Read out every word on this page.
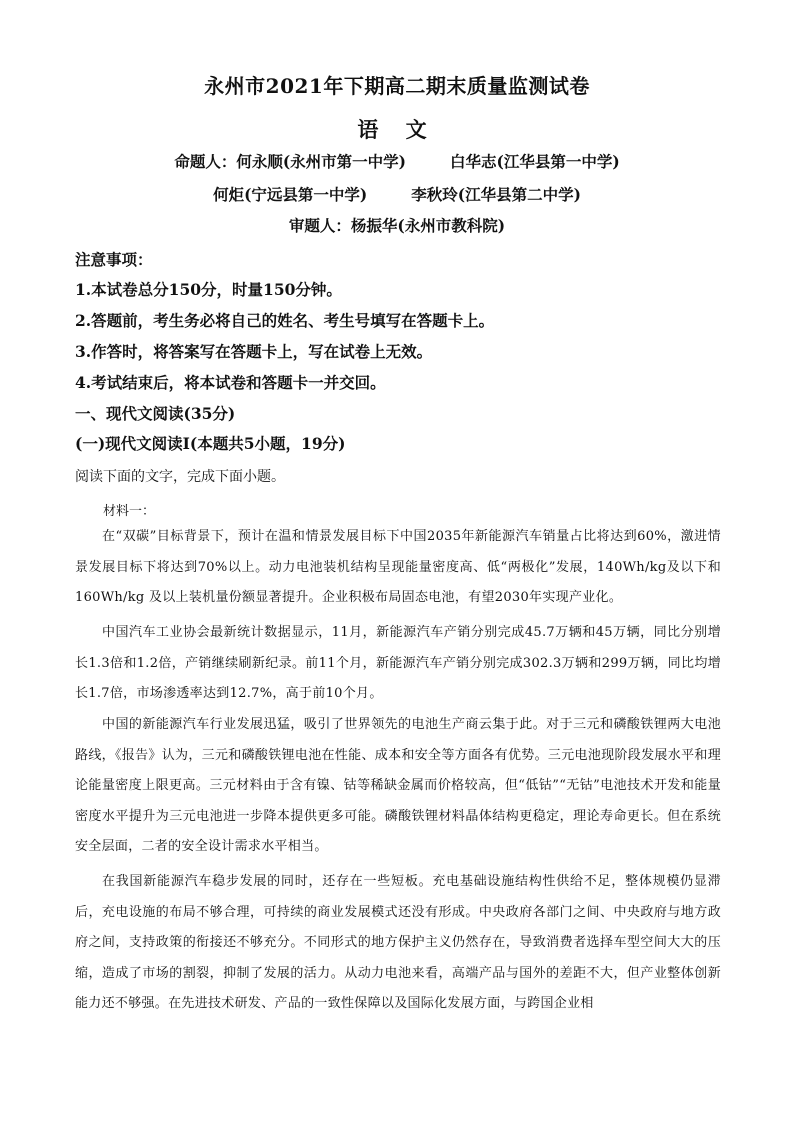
永州市2021年下期高二期末质量监测试卷
语 文
命题人：何永顺(永州市第一中学)	白华志(江华县第一中学)
何炬(宁远县第一中学)	李秋玲(江华县第二中学)
审题人：杨振华(永州市教科院)
注意事项：
1.本试卷总分150分，时量150分钟。
2.答题前，考生务必将自己的姓名、考生号填写在答题卡上。
3.作答时，将答案写在答题卡上，写在试卷上无效。
4.考试结束后，将本试卷和答题卡一并交回。
一、现代文阅读(35分)
(一)现代文阅读Ⅰ(本题共5小题，19分)
阅读下面的文字，完成下面小题。
材料一：
在“双碳”目标背景下，预计在温和情景发展目标下中国2035年新能源汽车销量占比将达到60%，激进情景发展目标下将达到70%以上。动力电池装机结构呈现能量密度高、低“两极化”发展，140Wh/kg及以下和160Wh/kg 及以上装机量份额显著提升。企业积极布局固态电池，有望2030年实现产业化。
中国汽车工业协会最新统计数据显示，11月，新能源汽车产销分别完成45.7万辆和45万辆，同比分别增长1.3倍和1.2倍，产销继续刷新纪录。前11个月，新能源汽车产销分别完成302.3万辆和299万辆，同比均增长1.7倍，市场渗透率达到12.7%，高于前10个月。
中国的新能源汽车行业发展迅猛，吸引了世界领先的电池生产商云集于此。对于三元和磷酸铁锂两大电池路线，《报告》认为，三元和磷酸铁锂电池在性能、成本和安全等方面各有优势。三元电池现阶段发展水平和理论能量密度上限更高。三元材料由于含有镍、钴等稀缺金属而价格较高，但“低钴”“无钴”电池技术开发和能量密度水平提升为三元电池进一步降本提供更多可能。磷酸铁锂材料晶体结构更稳定，理论寿命更长。但在系统安全层面，二者的安全设计需求水平相当。
在我国新能源汽车稳步发展的同时，还存在一些短板。充电基础设施结构性供给不足，整体规模仍显滞后，充电设施的布局不够合理，可持续的商业发展模式还没有形成。中央政府各部门之间、中央政府与地方政府之间，支持政策的衔接还不够充分。不同形式的地方保护主义仍然存在，导致消费者选择车型空间大大的压缩，造成了市场的割裂，抑制了发展的活力。从动力电池来看，高端产品与国外的差距不大，但产业整体创新能力还不够强。在先进技术研发、产品的一致性保障以及国际化发展方面，与跨国企业相
